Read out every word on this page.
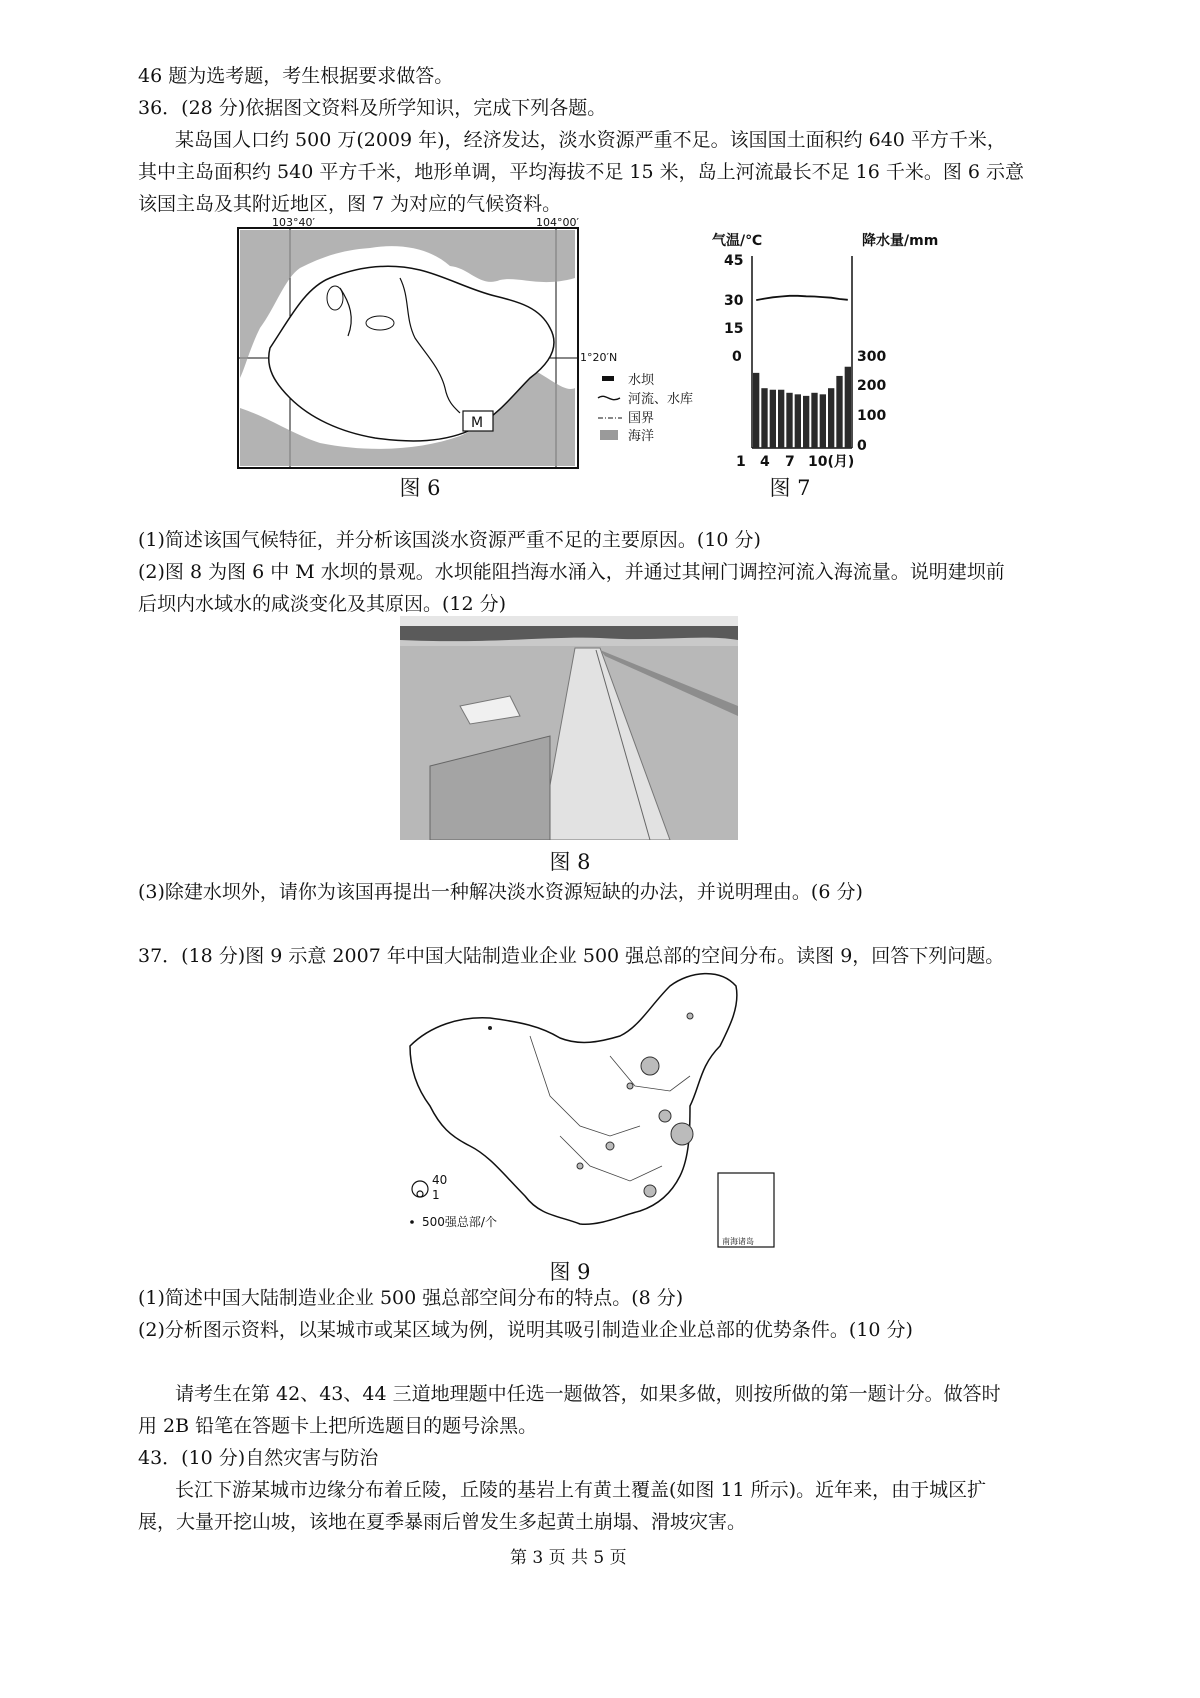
46 题为选考题，考生根据要求做答。
36．(28 分)依据图文资料及所学知识，完成下列各题。
某岛国人口约 500 万(2009 年)，经济发达，淡水资源严重不足。该国国土面积约 640 平方千米，
其中主岛面积约 540 平方千米，地形单调，平均海拔不足 15 米，岛上河流最长不足 16 千米。图 6 示意
该国主岛及其附近地区，图 7 为对应的气候资料。
M
103°40′	104°00′
1°20′N
水坝
河流、水库
国界
海洋
图 6
气温/℃	降水量/mm
45
30
15
0	300
200
100
0
1 4 7 10(月)
图 7
(1)简述该国气候特征，并分析该国淡水资源严重不足的主要原因。(10 分)
(2)图 8 为图 6 中 M 水坝的景观。水坝能阻挡海水涌入，并通过其闸门调控河流入海流量。说明建坝前
后坝内水域水的咸淡变化及其原因。(12 分)
图 8
(3)除建水坝外，请你为该国再提出一种解决淡水资源短缺的办法，并说明理由。(6 分)
37．(18 分)图 9 示意 2007 年中国大陆制造业企业 500 强总部的空间分布。读图 9，回答下列问题。
40
1
500强总部/个
南海诸岛
图 9
(1)简述中国大陆制造业企业 500 强总部空间分布的特点。(8 分)
(2)分析图示资料，以某城市或某区域为例，说明其吸引制造业企业总部的优势条件。(10 分)
请考生在第 42、43、44 三道地理题中任选一题做答，如果多做，则按所做的第一题计分。做答时
用 2B 铅笔在答题卡上把所选题目的题号涂黑。
43．(10 分)自然灾害与防治
长江下游某城市边缘分布着丘陵，丘陵的基岩上有黄土覆盖(如图 11 所示)。近年来，由于城区扩
展，大量开挖山坡，该地在夏季暴雨后曾发生多起黄土崩塌、滑坡灾害。
第 3 页 共 5 页
